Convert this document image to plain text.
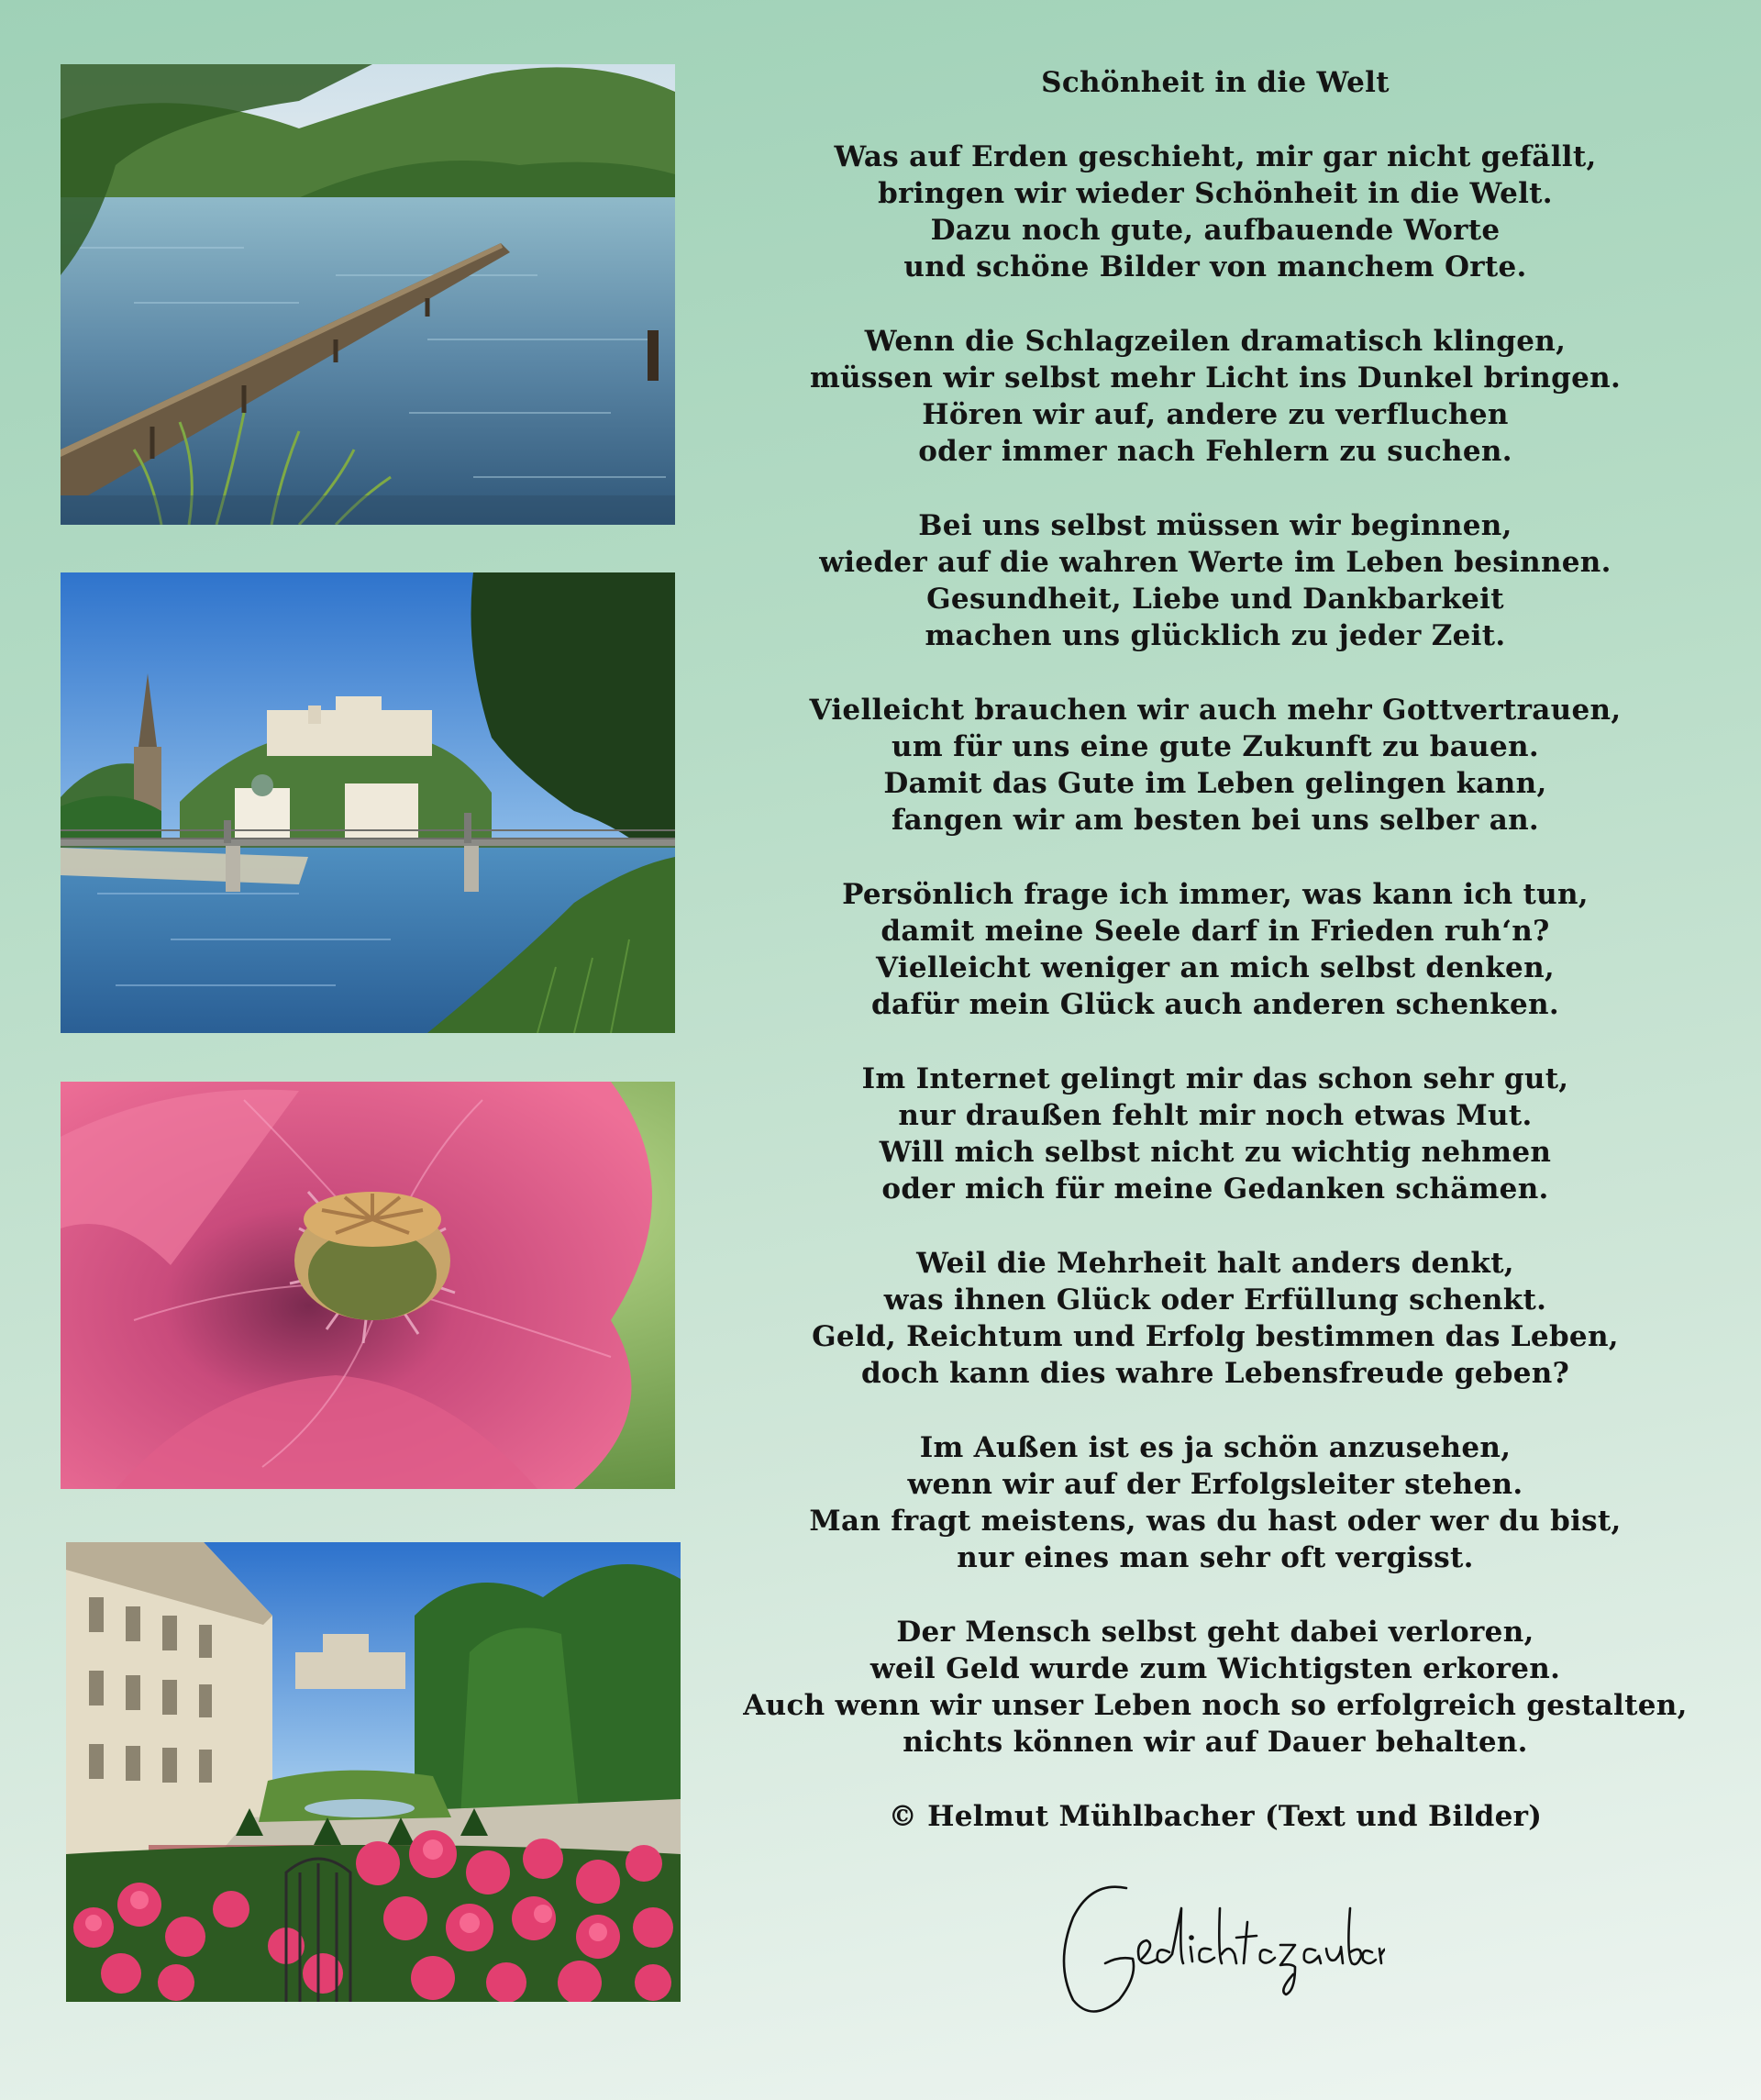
Schönheit in die Welt
Was auf Erden geschieht, mir gar nicht gefällt,
bringen wir wieder Schönheit in die Welt.
Dazu noch gute, aufbauende Worte
und schöne Bilder von manchem Orte.
Wenn die Schlagzeilen dramatisch klingen,
müssen wir selbst mehr Licht ins Dunkel bringen.
Hören wir auf, andere zu verfluchen
oder immer nach Fehlern zu suchen.
Bei uns selbst müssen wir beginnen,
wieder auf die wahren Werte im Leben besinnen.
Gesundheit, Liebe und Dankbarkeit
machen uns glücklich zu jeder Zeit.
Vielleicht brauchen wir auch mehr Gottvertrauen,
um für uns eine gute Zukunft zu bauen.
Damit das Gute im Leben gelingen kann,
fangen wir am besten bei uns selber an.
Persönlich frage ich immer, was kann ich tun,
damit meine Seele darf in Frieden ruh‘n?
Vielleicht weniger an mich selbst denken,
dafür mein Glück auch anderen schenken.
Im Internet gelingt mir das schon sehr gut,
nur draußen fehlt mir noch etwas Mut.
Will mich selbst nicht zu wichtig nehmen
oder mich für meine Gedanken schämen.
Weil die Mehrheit halt anders denkt,
was ihnen Glück oder Erfüllung schenkt.
Geld, Reichtum und Erfolg bestimmen das Leben,
doch kann dies wahre Lebensfreude geben?
Im Außen ist es ja schön anzusehen,
wenn wir auf der Erfolgsleiter stehen.
Man fragt meistens, was du hast oder wer du bist,
nur eines man sehr oft vergisst.
Der Mensch selbst geht dabei verloren,
weil Geld wurde zum Wichtigsten erkoren.
Auch wenn wir unser Leben noch so erfolgreich gestalten,
nichts können wir auf Dauer behalten.
© Helmut Mühlbacher (Text und Bilder)
